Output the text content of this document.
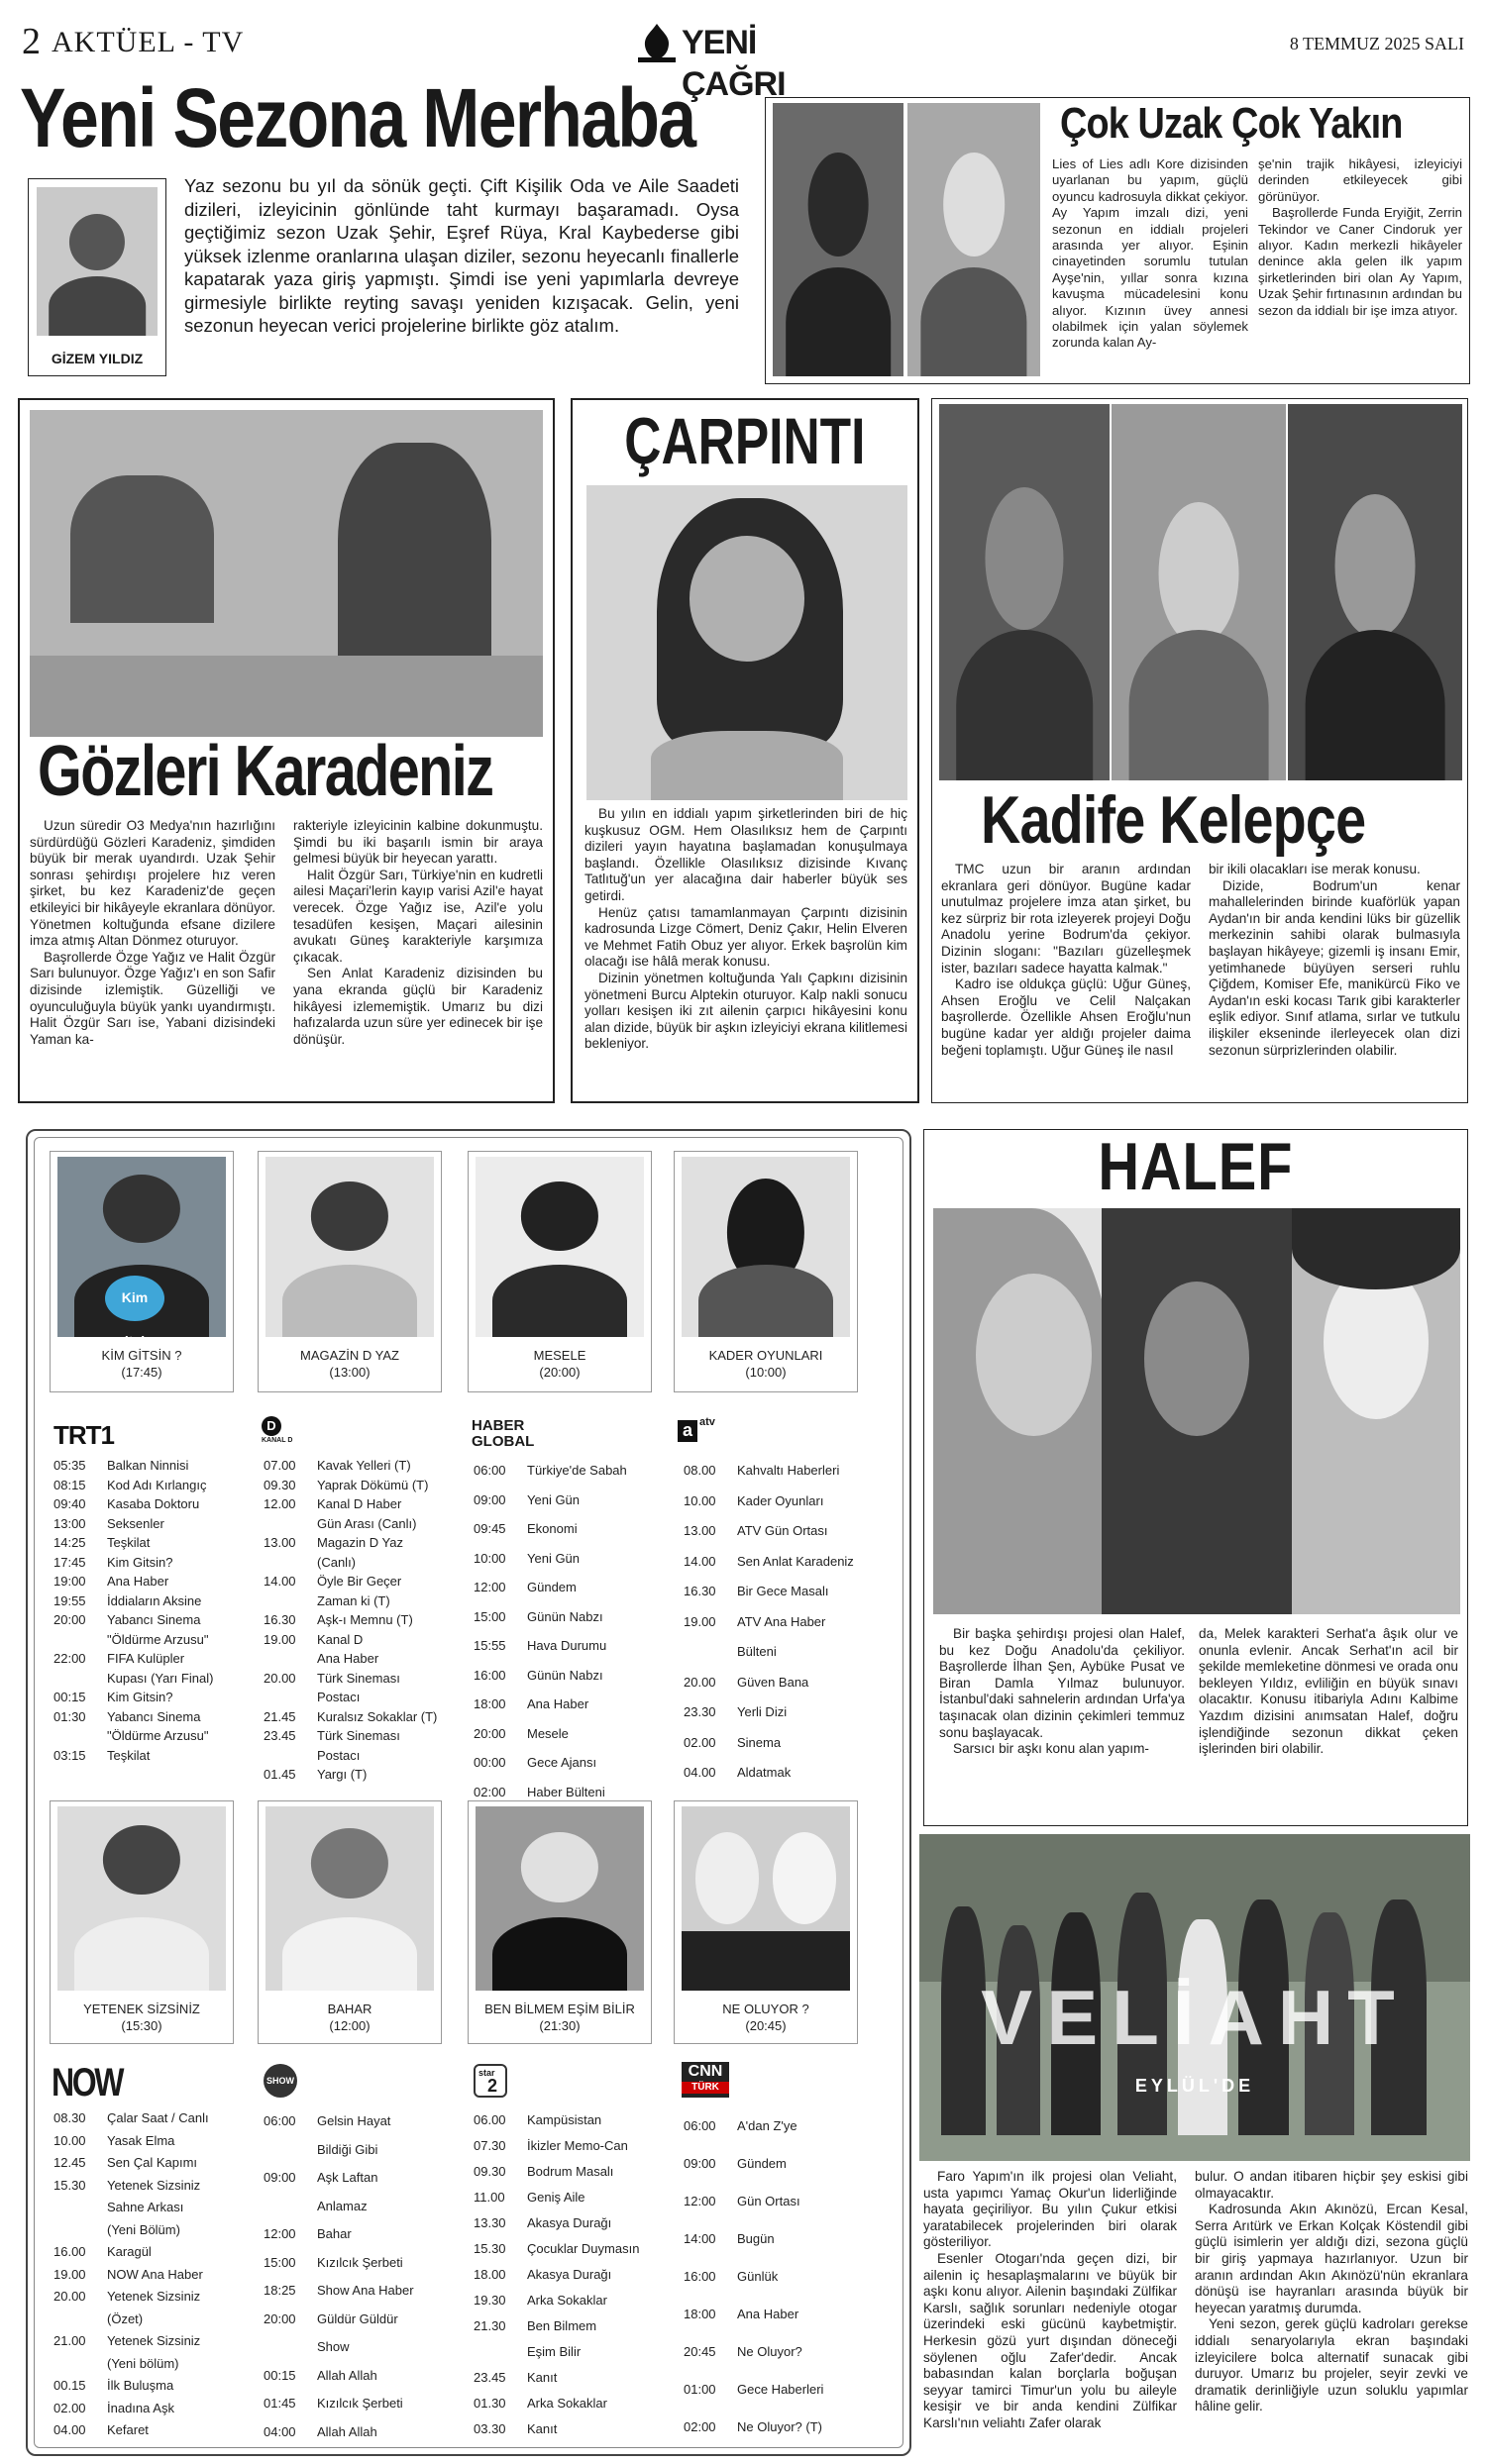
2 AKTÜEL - TV	YENİ ÇAĞRI
8 TEMMUZ 2025 SALI
Yeni Sezona Merhaba
GİZEM YILDIZ
Yaz sezonu bu yıl da sönük geçti. Çift Kişilik Oda ve Aile Saadeti dizileri, izleyicinin gönlünde taht kurmayı başaramadı. Oysa geçtiğimiz sezon Uzak Şehir, Eşref Rüya, Kral Kaybederse gibi yüksek izlenme oranlarına ulaşan diziler, sezonu heyecanlı finallerle kapatarak yaza giriş yapmıştı. Şimdi ise yeni yapımlarla devreye girmesiyle birlikte reyting savaşı yeniden kızışacak. Gelin, yeni sezonun heyecan verici projelerine birlikte göz atalım.
Çok Uzak Çok Yakın
Lies of Lies adlı Kore dizisinden uyarlanan bu yapım, güçlü oyuncu kadrosuyla dikkat çekiyor. Ay Yapım imzalı dizi, yeni sezonun en iddialı projeleri arasında yer alıyor. Eşinin cinayetinden sorumlu tutulan Ayşe'nin, yıllar sonra kızına kavuşma mücadelesini konu alıyor. Kızının üvey annesi olabilmek için yalan söylemek zorunda kalan Ay-

şe'nin trajik hikâyesi, izleyiciyi derinden etkileyecek gibi görünüyor.

Başrollerde Funda Eryiğit, Zerrin Tekindor ve Caner Cindoruk yer alıyor. Kadın merkezli hikâyeler denince akla gelen ilk yapım şirketlerinden biri olan Ay Yapım, Uzak Şehir fırtınasının ardından bu sezon da iddialı bir işe imza atıyor.

Gözleri Karadeniz

Uzun süredir O3 Medya'nın hazırlığını sürdürdüğü Gözleri Karadeniz, şimdiden büyük bir merak uyandırdı. Uzak Şehir sonrası şehirdışı projelere hız veren şirket, bu kez Karadeniz'de geçen etkileyici bir hikâyeyle ekranlara dönüyor. Yönetmen koltuğunda efsane dizilere imza atmış Altan Dönmez oturuyor.

Başrollerde Özge Yağız ve Halit Özgür Sarı bulunuyor. Özge Yağız'ı en son Safir dizisinde izlemiştik. Güzelliği ve oyunculuğuyla büyük yankı uyandırmıştı. Halit Özgür Sarı ise, Yabani dizisindeki Yaman ka-

rakteriyle izleyicinin kalbine dokunmuştu. Şimdi bu iki başarılı ismin bir araya gelmesi büyük bir heyecan yarattı.

Halit Özgür Sarı, Türkiye'nin en kudretli ailesi Maçari'lerin kayıp varisi Azil'e hayat verecek. Özge Yağız ise, Azil'e yolu tesadüfen kesişen, Maçari ailesinin avukatı Güneş karakteriyle karşımıza çıkacak.

Sen Anlat Karadeniz dizisinden bu yana ekranda güçlü bir Karadeniz hikâyesi izlememiştik. Umarız bu dizi hafızalarda uzun süre yer edinecek bir işe dönüşür.

ÇARPINTI

Bu yılın en iddialı yapım şirketlerinden biri de hiç kuşkusuz OGM. Hem Olasılıksız hem de Çarpıntı dizileri yayın hayatına başlamadan konuşulmaya başlandı. Özellikle Olasılıksız dizisinde Kıvanç Tatlıtuğ'un yer alacağına dair haberler büyük ses getirdi.

Henüz çatısı tamamlanmayan Çarpıntı dizisinin kadrosunda Lizge Cömert, Deniz Çakır, Helin Elveren ve Mehmet Fatih Obuz yer alıyor. Erkek başrolün kim olacağı ise hâlâ merak konusu.

Dizinin yönetmen koltuğunda Yalı Çapkını dizisinin yönetmeni Burcu Alptekin oturuyor. Kalp nakli sonucu yolları kesişen iki zıt ailenin çarpıcı hikâyesini konu alan dizide, büyük bir aşkın izleyiciyi ekrana kilitlemesi bekleniyor.

Kadife Kelepçe

TMC uzun bir aranın ardından ekranlara geri dönüyor. Bugüne kadar unutulmaz projelere imza atan şirket, bu kez sürpriz bir rota izleyerek projeyi Doğu Anadolu yerine Bodrum'da çekiyor. Dizinin sloganı: "Bazıları güzelleşmek ister, bazıları sadece hayatta kalmak."

Kadro ise oldukça güçlü: Uğur Güneş, Ahsen Eroğlu ve Celil Nalçakan başrollerde. Özellikle Ahsen Eroğlu'nun bugüne kadar yer aldığı projeler daima beğeni toplamıştı. Uğur Güneş ile nasıl

bir ikili olacakları ise merak konusu.

Dizide, Bodrum'un kenar mahallelerinden birinde kuaförlük yapan Aydan'ın bir anda kendini lüks bir güzellik merkezinin sahibi olarak bulmasıyla başlayan hikâyeye; gizemli iş insanı Emir, yetimhanede büyüyen serseri ruhlu Çiğdem, Komiser Efe, manikürcü Fiko ve Aydan'ın eski kocası Tarık gibi karakterler eşlik ediyor. Sınıf atlama, sırlar ve tutkulu ilişkiler ekseninde ilerleyecek olan dizi sezonun sürprizlerinden olabilir.

Kim gitsin
KİM GİTSİN ?
(17:45)
MAGAZİN D YAZ
(13:00)
MESELE
(20:00)
KADER OYUNLARI
(10:00)
TRT1	D
KANAL D
HABER
GLOBAL
a atv
05:35	Balkan Ninnisi
08:15	Kod Adı Kırlangıç
09:40	Kasaba Doktoru
13:00	Seksenler
14:25	Teşkilat
17:45	Kim Gitsin?
19:00	Ana Haber
19:55	İddiaların Aksine
20:00	Yabancı Sinema
"Öldürme Arzusu"
22:00	FIFA Kulüpler
Kupası (Yarı Final)
00:15	Kim Gitsin?
01:30	Yabancı Sinema
"Öldürme Arzusu"
03:15	Teşkilat
07.00	Kavak Yelleri (T)
09.30	Yaprak Dökümü (T)
12.00	Kanal D Haber
Gün Arası (Canlı)
13.00	Magazin D Yaz
(Canlı)
14.00	Öyle Bir Geçer
Zaman ki (T)
16.30	Aşk-ı Memnu (T)
19.00	Kanal D
Ana Haber
20.00	Türk Sineması
Postacı
21.45	Kuralsız Sokaklar (T)
23.45	Türk Sineması
Postacı
01.45	Yargı (T)
06:00	Türkiye'de Sabah
09:00	Yeni Gün
09:45	Ekonomi
10:00	Yeni Gün
12:00	Gündem
15:00	Günün Nabzı
15:55	Hava Durumu
16:00	Günün Nabzı
18:00	Ana Haber
20:00	Mesele
00:00	Gece Ajansı
02:00	Haber Bülteni
08.00	Kahvaltı Haberleri
10.00	Kader Oyunları
13.00	ATV Gün Ortası
14.00	Sen Anlat Karadeniz
16.30	Bir Gece Masalı
19.00	ATV Ana Haber
Bülteni
20.00	Güven Bana
23.30	Yerli Dizi
02.00	Sinema
04.00	Aldatmak
YETENEK SİZSİNİZ
(15:30)
BAHAR
(12:00)
BEN BİLMEM EŞİM BİLİR
(21:30)
NE OLUYOR ?
(20:45)
NOW	SHOW
star
2
CNN
TÜRK
08.30	Çalar Saat / Canlı
10.00	Yasak Elma
12.45	Sen Çal Kapımı
15.30	Yetenek Sizsiniz
Sahne Arkası
(Yeni Bölüm)
16.00	Karagül
19.00	NOW Ana Haber
20.00	Yetenek Sizsiniz
(Özet)
21.00	Yetenek Sizsiniz
(Yeni bölüm)
00.15	İlk Buluşma
02.00	İnadına Aşk
04.00	Kefaret
06:00	Gelsin Hayat
Bildiği Gibi
09:00	Aşk Laftan
Anlamaz
12:00	Bahar
15:00	Kızılcık Şerbeti
18:25	Show Ana Haber
20:00	Güldür Güldür
Show
00:15	Allah Allah
01:45	Kızılcık Şerbeti
04:00	Allah Allah
06.00	Kampüsistan
07.30	İkizler Memo-Can
09.30	Bodrum Masalı
11.00	Geniş Aile
13.30	Akasya Durağı
15.30	Çocuklar Duymasın
18.00	Akasya Durağı
19.30	Arka Sokaklar
21.30	Ben Bilmem
Eşim Bilir
23.45	Kanıt
01.30	Arka Sokaklar
03.30	Kanıt
06:00	A'dan Z'ye
09:00	Gündem
12:00	Gün Ortası
14:00	Bugün
16:00	Günlük
18:00	Ana Haber
20:45	Ne Oluyor?
01:00	Gece Haberleri
02:00	Ne Oluyor? (T)
HALEF

Bir başka şehirdışı projesi olan Halef, bu kez Doğu Anadolu'da çekiliyor. Başrollerde İlhan Şen, Aybüke Pusat ve Biran Damla Yılmaz bulunuyor. İstanbul'daki sahnelerin ardından Urfa'ya taşınacak olan dizinin çekimleri temmuz sonu başlayacak.

Sarsıcı bir aşkı konu alan yapım-

da, Melek karakteri Serhat'a âşık olur ve onunla evlenir. Ancak Serhat'ın acil bir şekilde memleketine dönmesi ve orada onu bekleyen Yıldız, evliliğin en büyük sınavı olacaktır. Konusu itibariyla Adını Kalbime Yazdım dizisini anımsatan Halef, doğru işlendiğinde sezonun dikkat çeken işlerinden biri olabilir.
VELİAHT
EYLÜL'DE

Faro Yapım'ın ilk projesi olan Veliaht, usta yapımcı Yamaç Okur'un liderliğinde hayata geçiriliyor. Bu yılın Çukur etkisi yaratabilecek projelerinden biri olarak gösteriliyor.

Esenler Otogarı'nda geçen dizi, bir ailenin iç hesaplaşmalarını ve büyük bir aşkı konu alıyor. Ailenin başındaki Zülfikar Karslı, sağlık sorunları nedeniyle otogar üzerindeki eski gücünü kaybetmiştir. Herkesin gözü yurt dışından döneceği söylenen oğlu Zafer'dedir. Ancak babasından kalan borçlarla boğuşan seyyar tamirci Timur'un yolu bu aileyle kesişir ve bir anda kendini Zülfikar Karslı'nın veliahtı Zafer olarak

bulur. O andan itibaren hiçbir şey eskisi gibi olmayacaktır.

Kadrosunda Akın Akınözü, Ercan Kesal, Serra Arıtürk ve Erkan Kolçak Köstendil gibi güçlü isimlerin yer aldığı dizi, sezona güçlü bir giriş yapmaya hazırlanıyor. Uzun bir aranın ardından Akın Akınözü'nün ekranlara dönüşü ise hayranları arasında büyük bir heyecan yaratmış durumda.

Yeni sezon, gerek güçlü kadroları gerekse iddialı senaryolarıyla ekran başındaki izleyicilere bolca alternatif sunacak gibi duruyor. Umarız bu projeler, seyir zevki ve dramatik derinliğiyle uzun soluklu yapımlar hâline gelir.
